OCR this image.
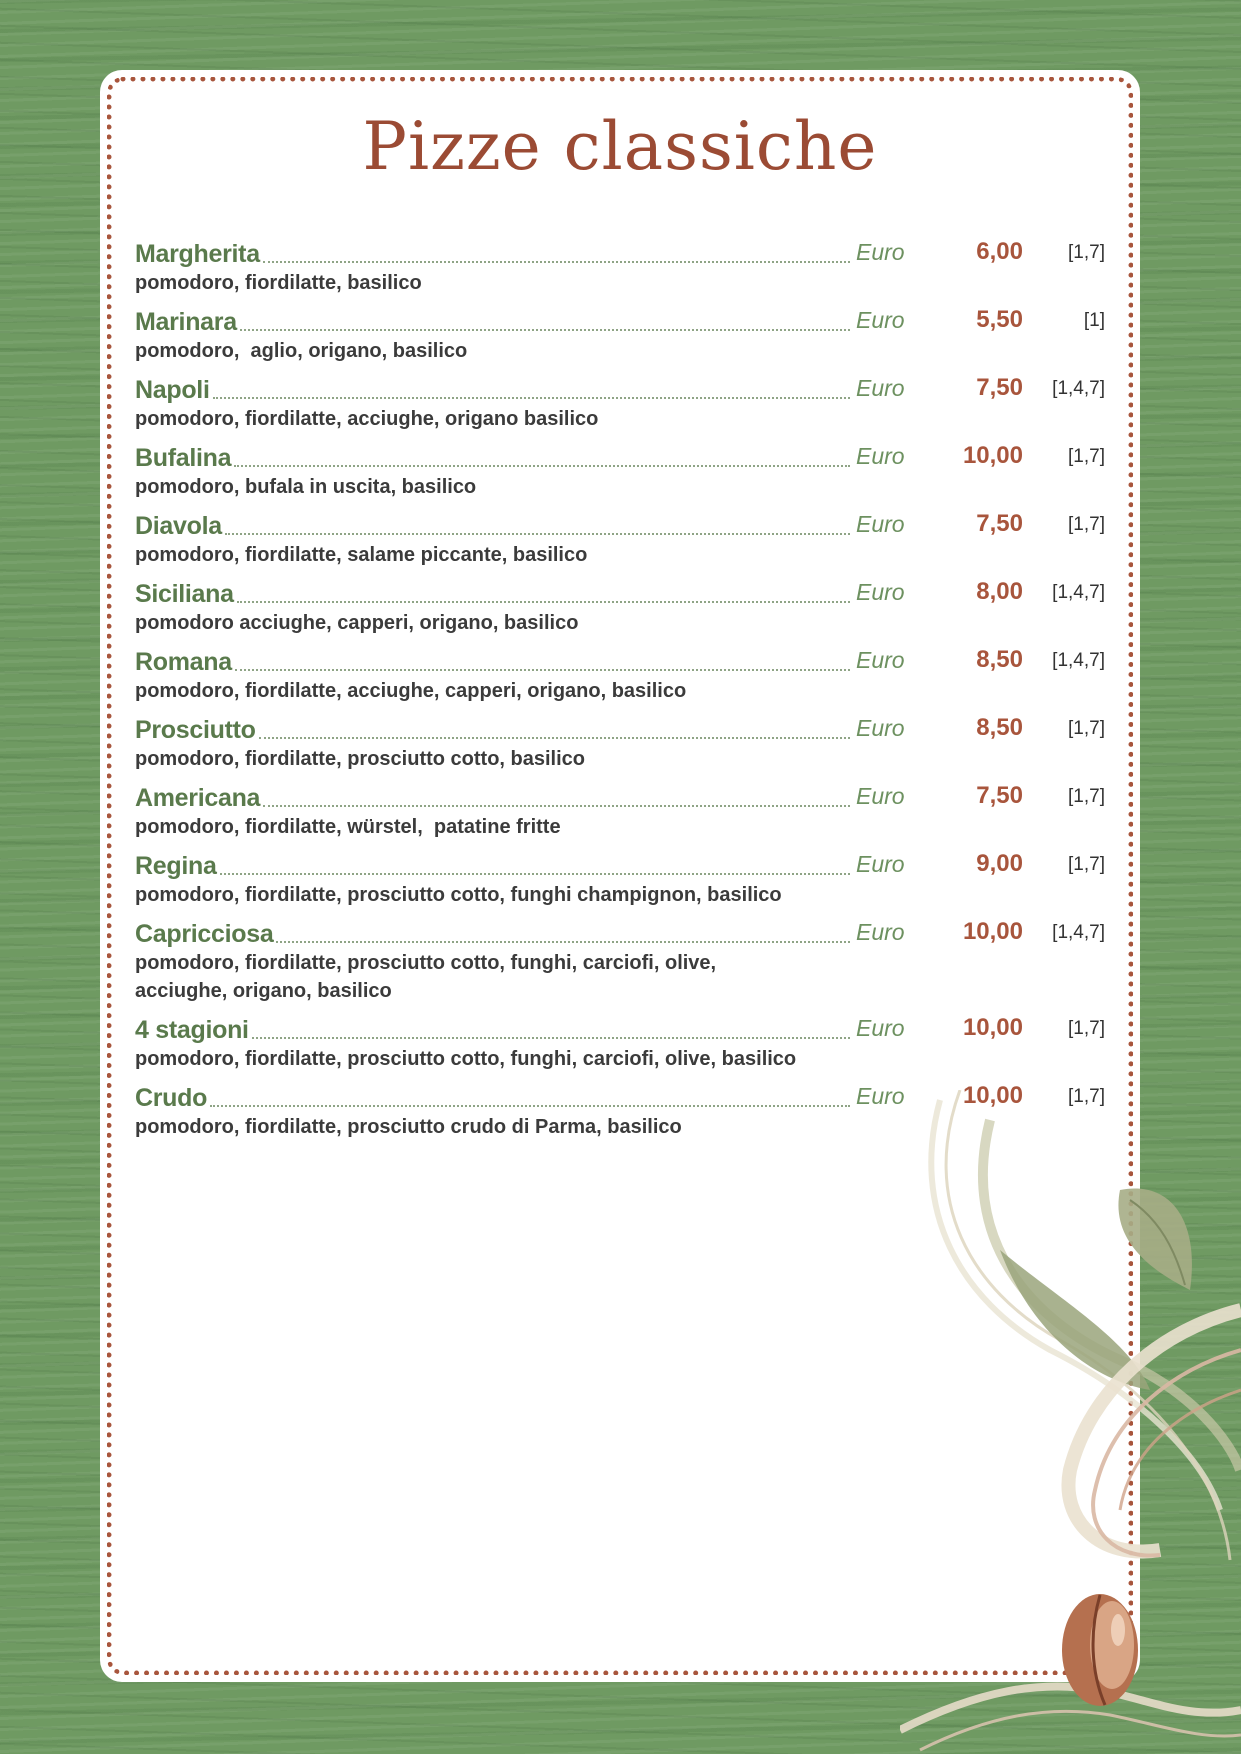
Pizze classiche
Margherita	Euro	6,00 [1,7]
pomodoro, fiordilatte, basilico
Marinara	Euro	5,50	[1]
pomodoro,  aglio, origano, basilico
Napoli	Euro	7,50 [1,4,7]
pomodoro, fiordilatte, acciughe, origano basilico
Bufalina	Euro	10,00 [1,7]
pomodoro, bufala in uscita, basilico
Diavola	Euro	7,50 [1,7]
pomodoro, fiordilatte, salame piccante, basilico
Siciliana	Euro	8,00 [1,4,7]
pomodoro acciughe, capperi, origano, basilico
Romana	Euro	8,50 [1,4,7]
pomodoro, fiordilatte, acciughe, capperi, origano, basilico
Prosciutto	Euro	8,50 [1,7]
pomodoro, fiordilatte, prosciutto cotto, basilico
Americana	Euro	7,50 [1,7]
pomodoro, fiordilatte, würstel,  patatine fritte
Regina	Euro	9,00 [1,7]
pomodoro, fiordilatte, prosciutto cotto, funghi champignon, basilico
Capricciosa	Euro	10,00 [1,4,7]
pomodoro, fiordilatte, prosciutto cotto, funghi, carciofi, olive,
acciughe, origano, basilico
4 stagioni	Euro	10,00 [1,7]
pomodoro, fiordilatte, prosciutto cotto, funghi, carciofi, olive, basilico
Crudo	Euro	10,00 [1,7]
pomodoro, fiordilatte, prosciutto crudo di Parma, basilico
